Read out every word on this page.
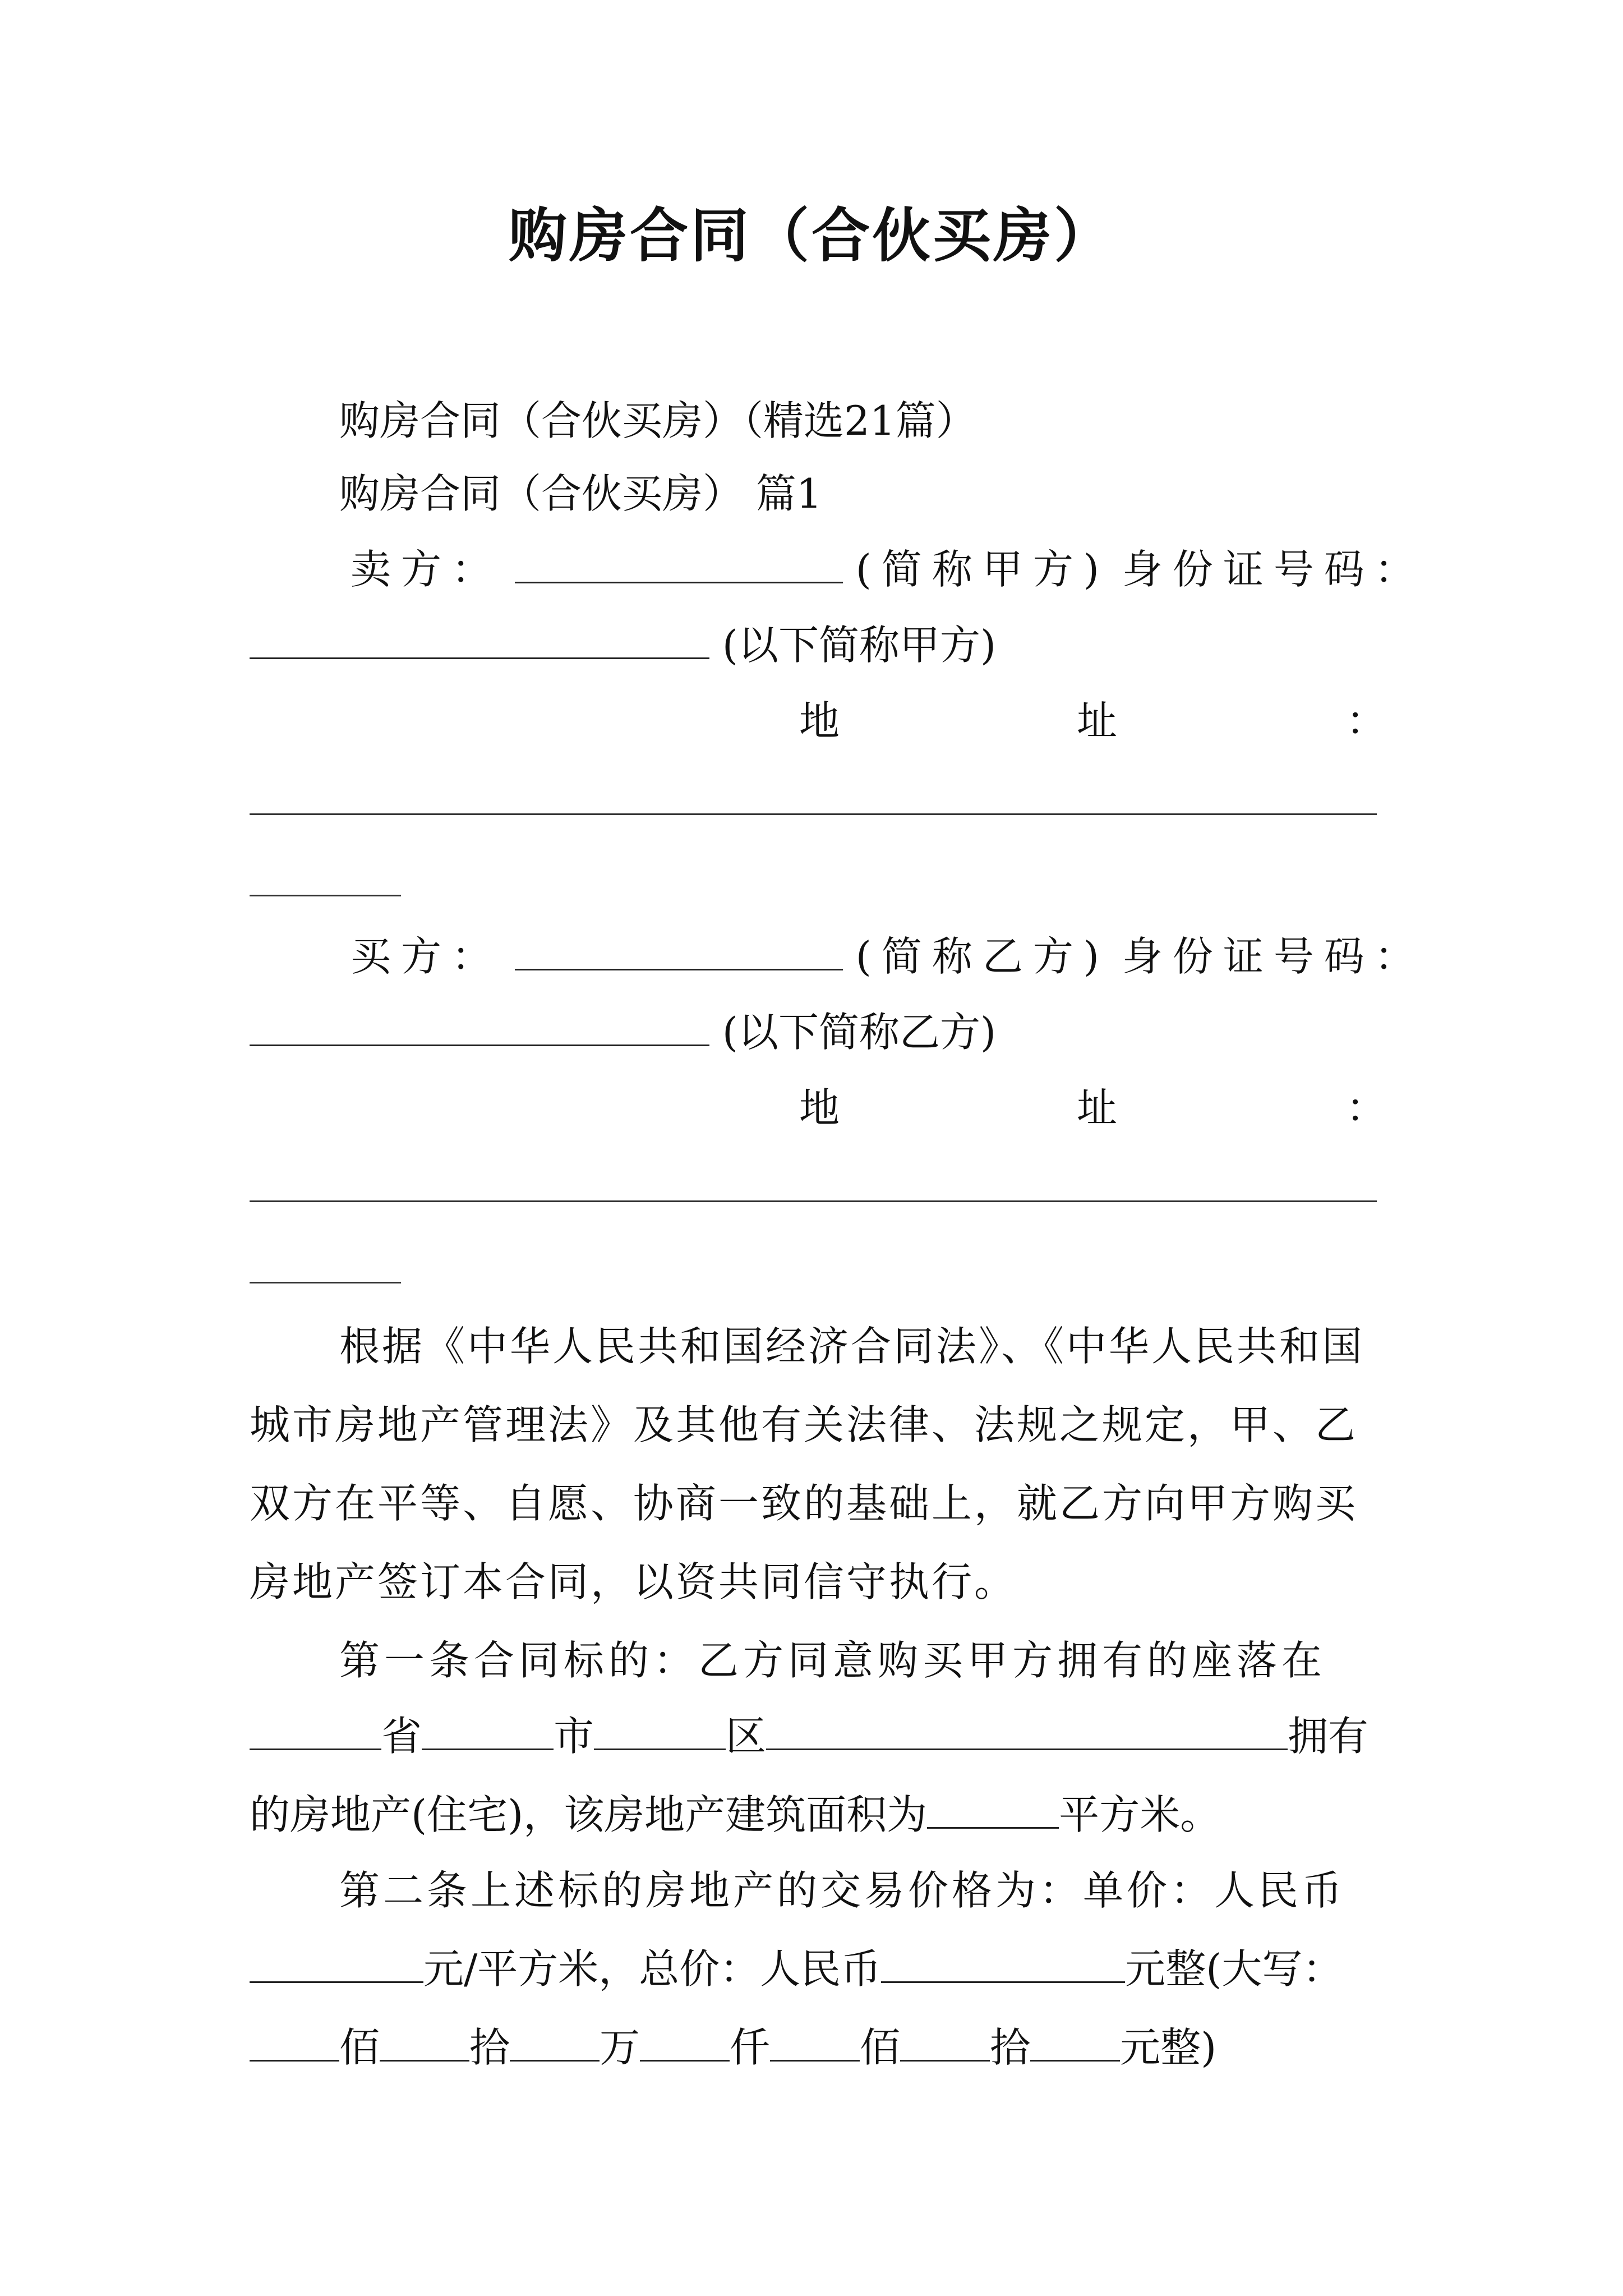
购房合同（合伙买房）
购房合同（合伙买房）（精选21篇）
购房合同（合伙买房） 篇1
卖方：	(简称甲方) 身份证号码：
(以下简称甲方)
地	址	：
买方：	(简称乙方) 身份证号码：
(以下简称乙方)
地	址	：
根据《中华人民共和国经济合同法》、《中华人民共和国
城市房地产管理法》及其他有关法律、法规之规定，甲、乙
双方在平等、自愿、协商一致的基础上，就乙方向甲方购买
房地产签订本合同，以资共同信守执行。
第一条合同标的：乙方同意购买甲方拥有的座落在
省	市	区	拥有
的房地产(住宅)，该房地产建筑面积为	平方米。
第二条上述标的房地产的交易价格为：单价：人民币
元/平方米，总价：人民币	元整(大写：
佰 拾 万 仟 佰 拾 元整)
